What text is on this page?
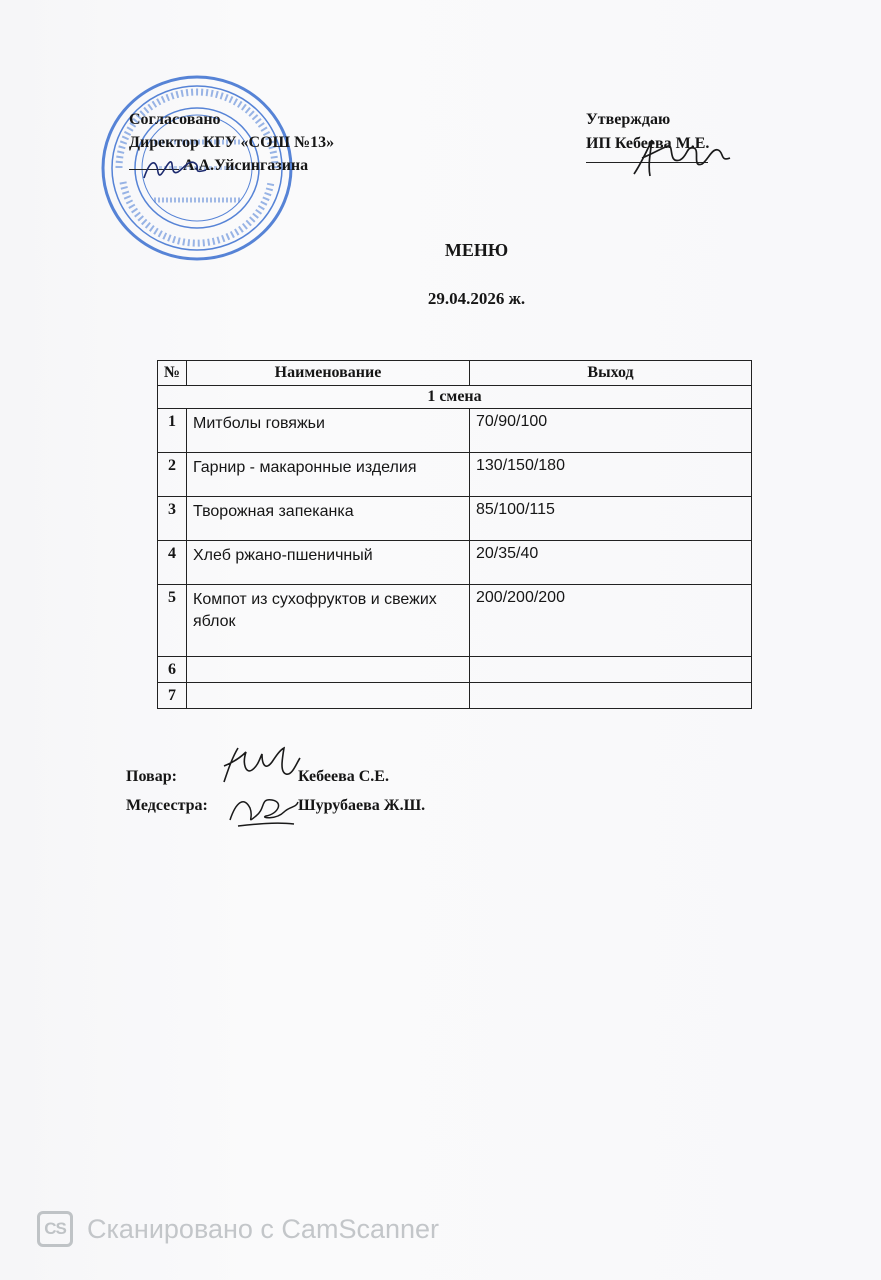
Согласовано
Директор КГУ «СОШ №13»
А.А.Уйсингазина
Утверждаю
ИП Кебеева М.Е.
МЕНЮ
29.04.2026 ж.
№	Наименование	Выход
1 смена		
1	Митболы говяжьи	70/90/100
2	Гарнир - макаронные изделия	130/150/180
3	Творожная запеканка	85/100/115
4	Хлеб ржано-пшеничный	20/35/40
5	Компот из сухофруктов и свежих яблок	200/200/200
6		
7		
Повар:	Кебеева С.Е.
Медсестра:	Шурубаева Ж.Ш.
CS Сканировано с CamScanner
